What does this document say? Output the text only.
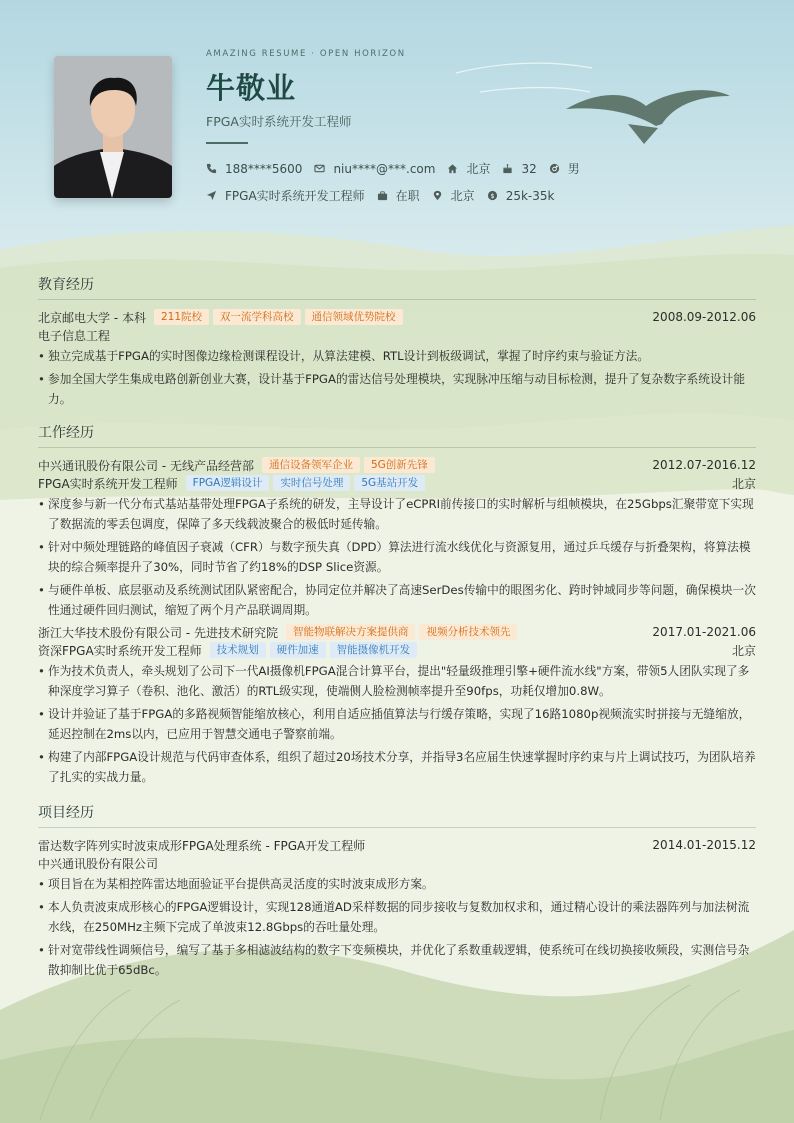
AMAZING RESUME · OPEN HORIZON
牛敬业
FPGA实时系统开发工程师
188****5600	niu****@***.com	北京	32	男
FPGA实时系统开发工程师	在职	北京 $ 25k-35k
教育经历
北京邮电大学 - 本科	211院校	双一流学科高校	通信领域优势院校	2008.09-2012.06
电子信息工程
• 独立完成基于FPGA的实时图像边缘检测课程设计，从算法建模、RTL设计到板级调试，掌握了时序约束与验证方法。
• 参加全国大学生集成电路创新创业大赛，设计基于FPGA的雷达信号处理模块，实现脉冲压缩与动目标检测，提升了复杂数字系统设计能力。
工作经历
中兴通讯股份有限公司 - 无线产品经营部	通信设备领军企业	5G创新先锋	2012.07-2016.12
FPGA实时系统开发工程师	FPGA逻辑设计	实时信号处理	5G基站开发	北京
• 深度参与新一代分布式基站基带处理FPGA子系统的研发，主导设计了eCPRI前传接口的实时解析与组帧模块，在25Gbps汇聚带宽下实现了数据流的零丢包调度，保障了多天线载波聚合的极低时延传输。
• 针对中频处理链路的峰值因子衰减（CFR）与数字预失真（DPD）算法进行流水线优化与资源复用，通过乒乓缓存与折叠架构，将算法模块的综合频率提升了30%，同时节省了约18%的DSP Slice资源。
• 与硬件单板、底层驱动及系统测试团队紧密配合，协同定位并解决了高速SerDes传输中的眼图劣化、跨时钟域同步等问题，确保模块一次性通过硬件回归测试，缩短了两个月产品联调周期。
浙江大华技术股份有限公司 - 先进技术研究院	智能物联解决方案提供商	视频分析技术领先	2017.01-2021.06
资深FPGA实时系统开发工程师	技术规划	硬件加速	智能摄像机开发	北京
• 作为技术负责人，牵头规划了公司下一代AI摄像机FPGA混合计算平台，提出"轻量级推理引擎+硬件流水线"方案，带领5人团队实现了多种深度学习算子（卷积、池化、激活）的RTL级实现，使端侧人脸检测帧率提升至90fps，功耗仅增加0.8W。
• 设计并验证了基于FPGA的多路视频智能缩放核心，利用自适应插值算法与行缓存策略，实现了16路1080p视频流实时拼接与无缝缩放，延迟控制在2ms以内，已应用于智慧交通电子警察前端。
• 构建了内部FPGA设计规范与代码审查体系，组织了超过20场技术分享，并指导3名应届生快速掌握时序约束与片上调试技巧，为团队培养了扎实的实战力量。
项目经历
雷达数字阵列实时波束成形FPGA处理系统 - FPGA开发工程师	2014.01-2015.12
中兴通讯股份有限公司
• 项目旨在为某相控阵雷达地面验证平台提供高灵活度的实时波束成形方案。
• 本人负责波束成形核心的FPGA逻辑设计，实现128通道AD采样数据的同步接收与复数加权求和，通过精心设计的乘法器阵列与加法树流水线，在250MHz主频下完成了单波束12.8Gbps的吞吐量处理。
• 针对宽带线性调频信号，编写了基于多相滤波结构的数字下变频模块，并优化了系数重载逻辑，使系统可在线切换接收频段，实测信号杂散抑制比优于65dBc。
